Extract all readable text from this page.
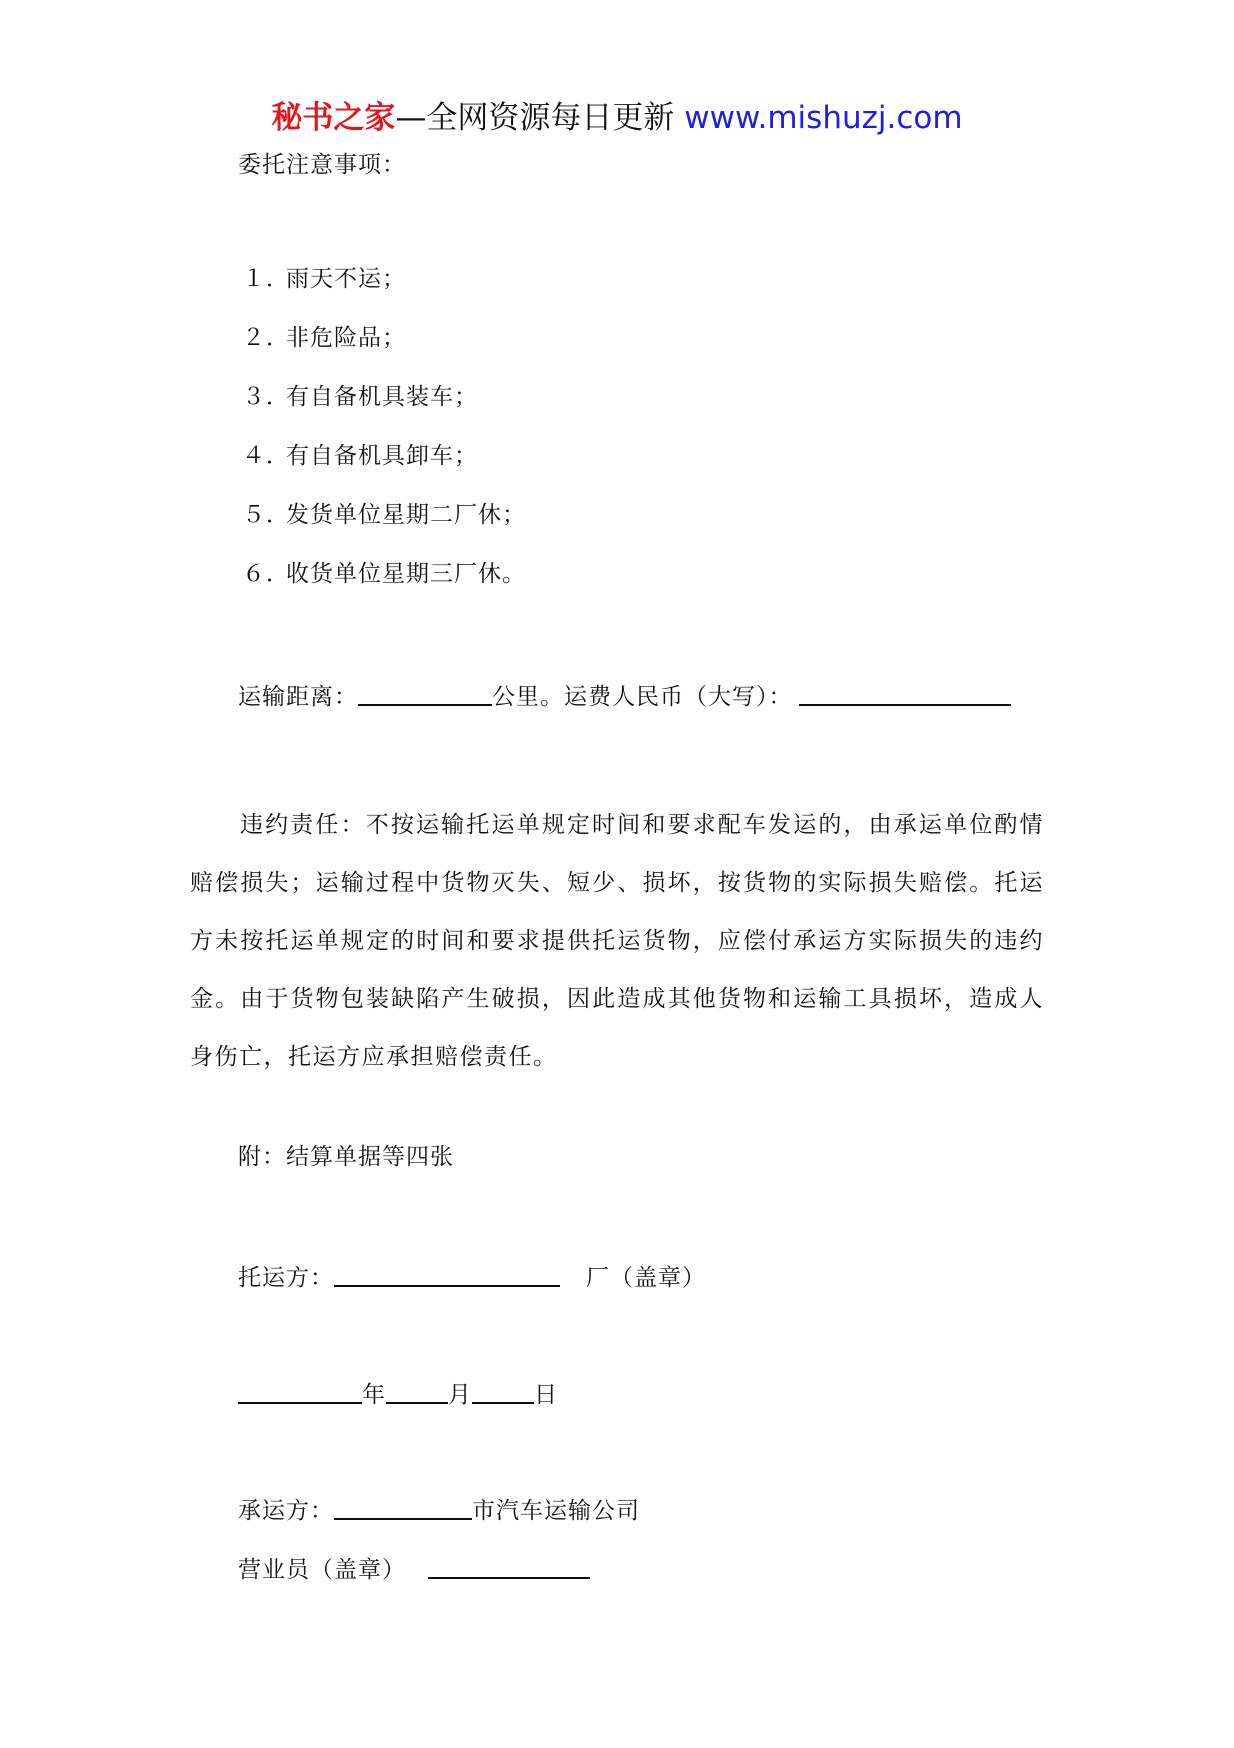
秘书之家—全网资源每日更新 www.mishuzj.com
委托注意事项：
１．雨天不运；
２．非危险品；
３．有自备机具装车；
４．有自备机具卸车；
５．发货单位星期二厂休；
６．收货单位星期三厂休。
运输距离：	公里。运费人民币（大写）：
违约责任：不按运输托运单规定时间和要求配车发运的，由承运单位酌情赔偿损失；运输过程中货物灭失、短少、损坏，按货物的实际损失赔偿。托运方未按托运单规定的时间和要求提供托运货物，应偿付承运方实际损失的违约金。由于货物包装缺陷产生破损，因此造成其他货物和运输工具损坏，造成人身伤亡，托运方应承担赔偿责任。
附：结算单据等四张
托运方：	厂（盖章）
年	月	日
承运方：	市汽车运输公司
营业员（盖章）
